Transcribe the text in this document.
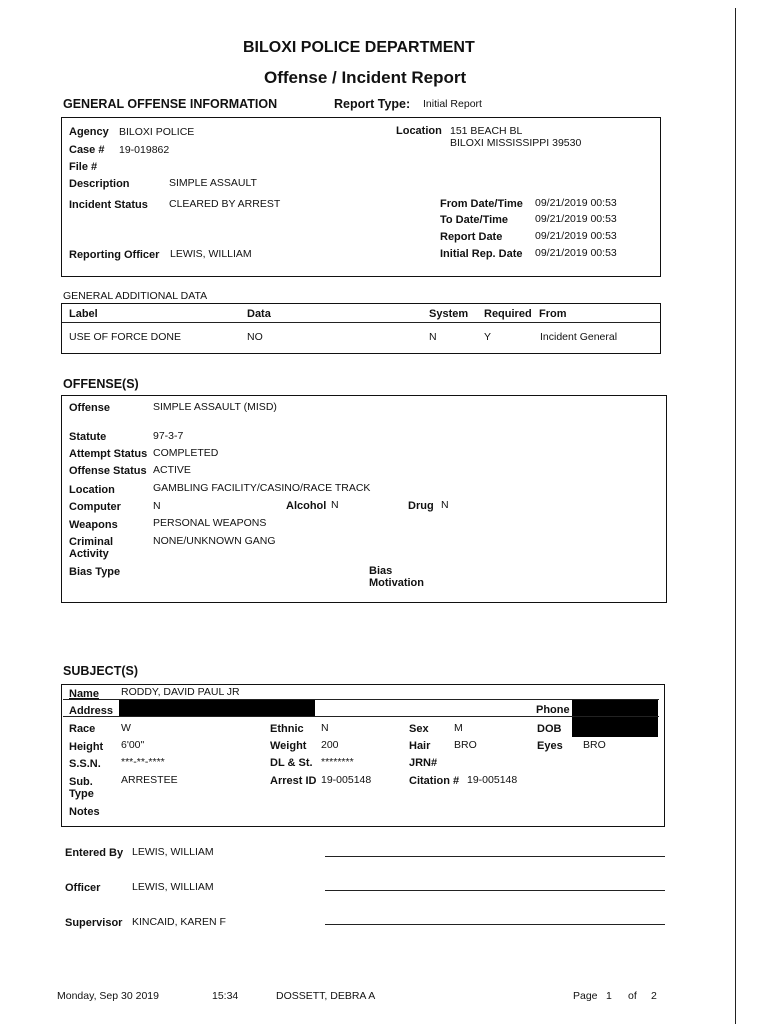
BILOXI POLICE DEPARTMENT
Offense / Incident Report
GENERAL OFFENSE INFORMATION	Report Type: Initial Report
Agency BILOXI POLICE
Case # 19-019862
File #
Description	SIMPLE ASSAULT
Incident Status CLEARED BY ARREST
Reporting Officer LEWIS, WILLIAM
Location 151 BEACH BL
BILOXI MISSISSIPPI 39530
From Date/Time 09/21/2019 00:53
To Date/Time	09/21/2019 00:53
Report Date	09/21/2019 00:53
Initial Rep. Date 09/21/2019 00:53
GENERAL ADDITIONAL DATA
Label	Data	System Required From
USE OF FORCE DONE	NO	N	Y	Incident General
OFFENSE(S)
Offense	SIMPLE ASSAULT (MISD)
Statute	97-3-7
Attempt Status COMPLETED
Offense Status ACTIVE
Location	GAMBLING FACILITY/CASINO/RACE TRACK
Computer	N	Alcohol N	Drug N
Weapons	PERSONAL WEAPONS
Criminal
Activity
NONE/UNKNOWN GANG
Bias Type	Bias
Motivation
SUBJECT(S)
Name RODDY, DAVID PAUL JR
Address	Phone
Race W	Ethnic N	Sex M	DOB
Height 6'00"	Weight 200	Hair BRO	Eyes BRO
S.S.N. ***-**-****	DL & St. ********	JRN#
Sub.
Type
ARRESTEE	Arrest ID 19-005148	Citation # 19-005148
Notes
Entered By LEWIS, WILLIAM
Officer	LEWIS, WILLIAM
Supervisor KINCAID, KAREN F
Monday, Sep 30 2019	15:34	DOSSETT, DEBRA A	Page 1 of 2
